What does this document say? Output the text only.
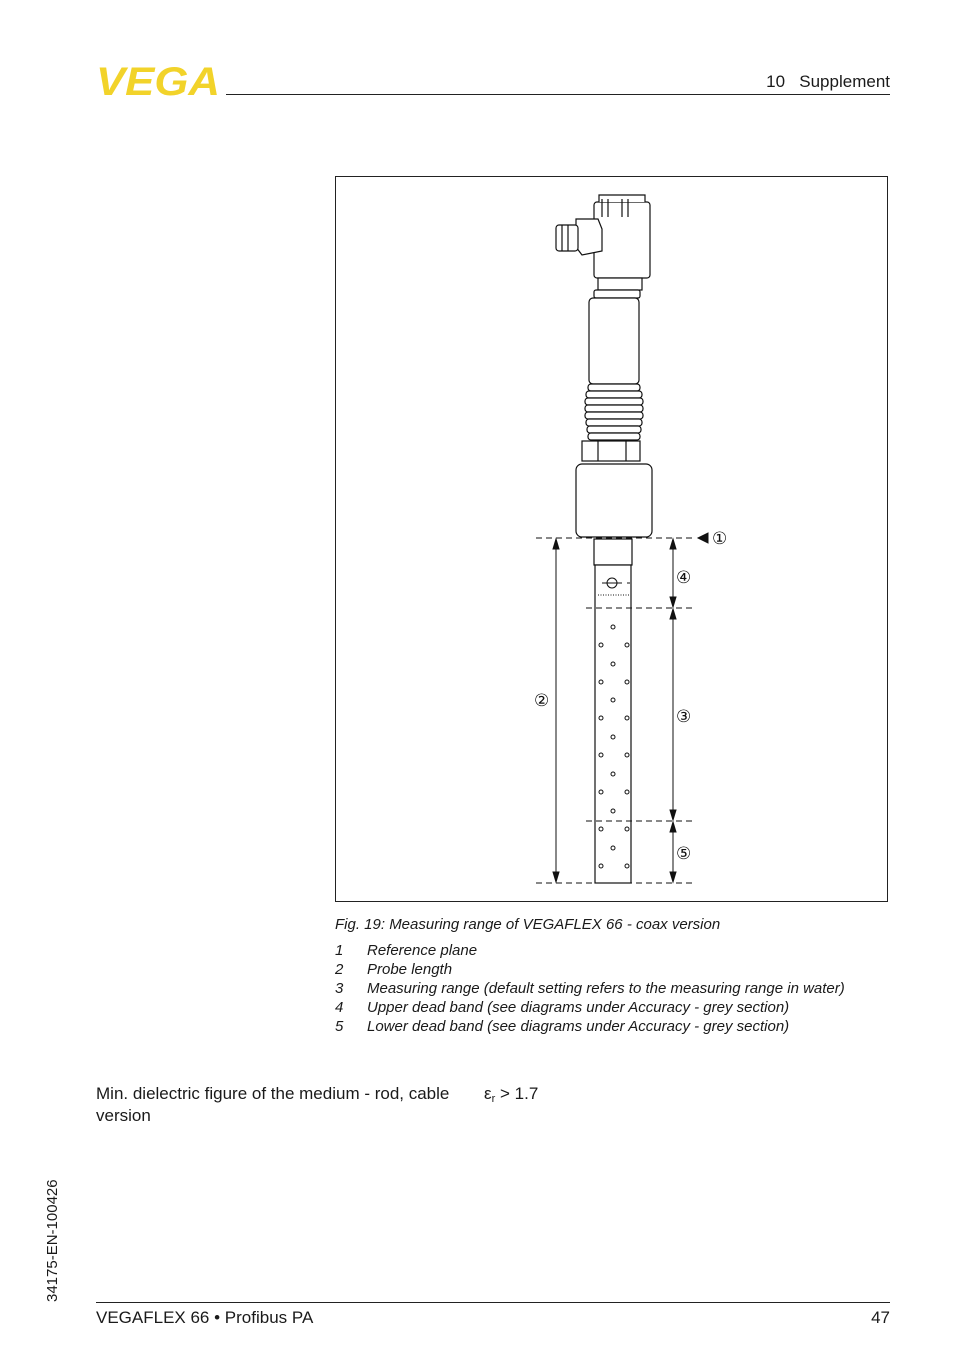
VEGA	10 Supplement
①
②
③
④
⑤
Fig. 19: Measuring range of VEGAFLEX 66 - coax version
1	Reference plane
2	Probe length
3	Measuring range (default setting refers to the measuring range in water)
4	Upper dead band (see diagrams under Accuracy - grey section)
5	Lower dead band (see diagrams under Accuracy - grey section)
Min. dielectric figure of the medium - rod, cable version
$\varepsilon_r > 1.7$
34175-EN-100426
VEGAFLEX 66 • Profibus PA	47
